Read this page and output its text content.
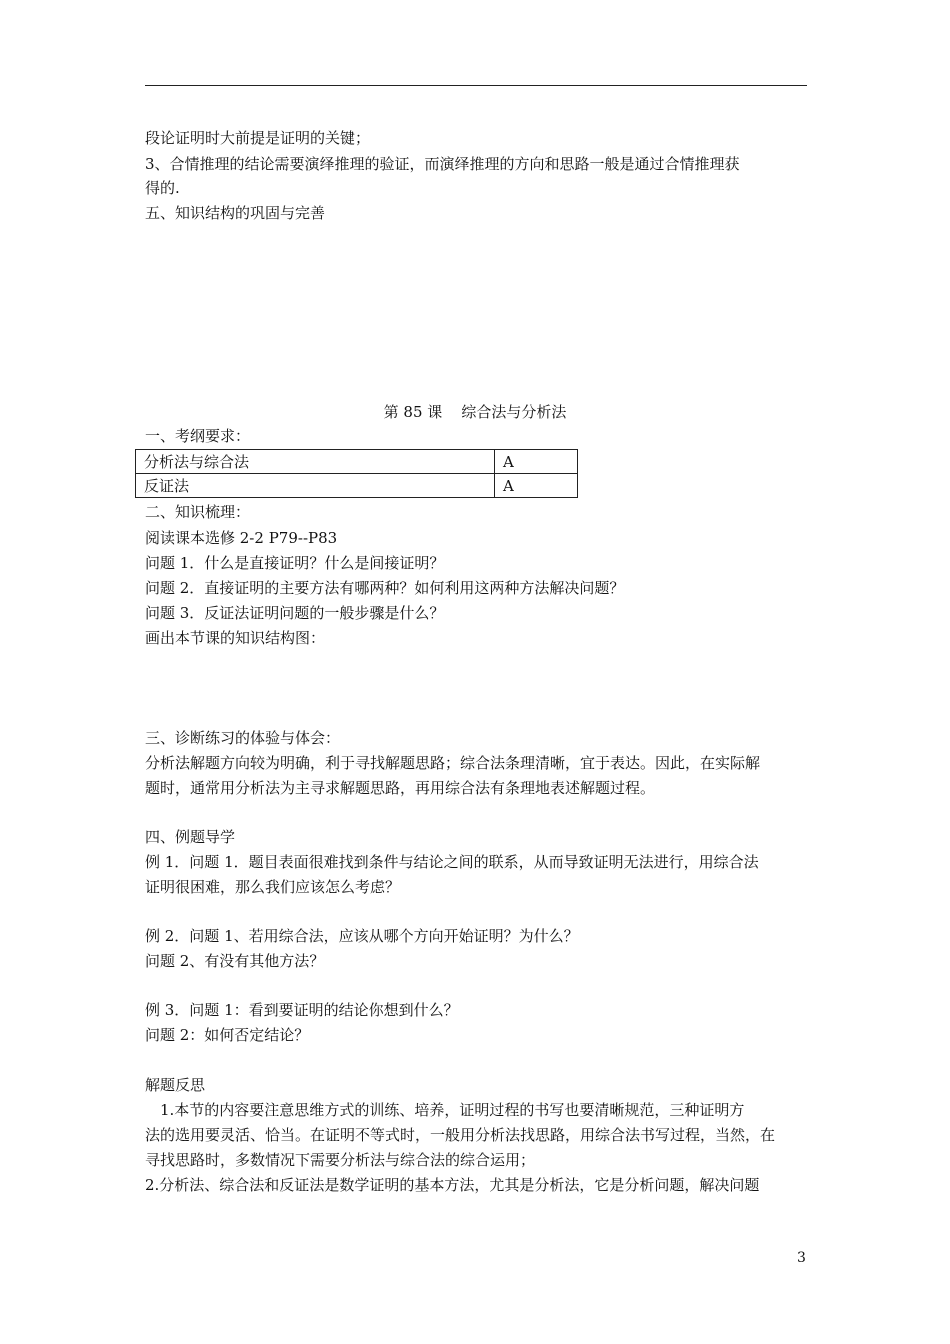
段论证明时大前提是证明的关键；
3、合情推理的结论需要演绎推理的验证，而演绎推理的方向和思路一般是通过合情推理获
得的.
五、知识结构的巩固与完善
第 85 课    综合法与分析法
一、考纲要求：
分析法与综合法	A
反证法	A
二、知识梳理：
阅读课本选修 2-2 P79--P83
问题 1．什么是直接证明？什么是间接证明？
问题 2．直接证明的主要方法有哪两种？如何利用这两种方法解决问题？
问题 3．反证法证明问题的一般步骤是什么？
画出本节课的知识结构图：
三、诊断练习的体验与体会：
分析法解题方向较为明确，利于寻找解题思路；综合法条理清晰，宜于表达。因此，在实际解
题时，通常用分析法为主寻求解题思路，再用综合法有条理地表述解题过程。
四、例题导学
例 1．问题 1．题目表面很难找到条件与结论之间的联系，从而导致证明无法进行，用综合法
证明很困难，那么我们应该怎么考虑？
例 2．问题 1、若用综合法，应该从哪个方向开始证明？为什么？
问题 2、有没有其他方法？
例 3．问题 1：看到要证明的结论你想到什么？
问题 2：如何否定结论？
解题反思
1.本节的内容要注意思维方式的训练、培养，证明过程的书写也要清晰规范，三种证明方
法的选用要灵活、恰当。在证明不等式时，一般用分析法找思路，用综合法书写过程，当然，在
寻找思路时，多数情况下需要分析法与综合法的综合运用；
2.分析法、综合法和反证法是数学证明的基本方法，尤其是分析法，它是分析问题，解决问题
3
